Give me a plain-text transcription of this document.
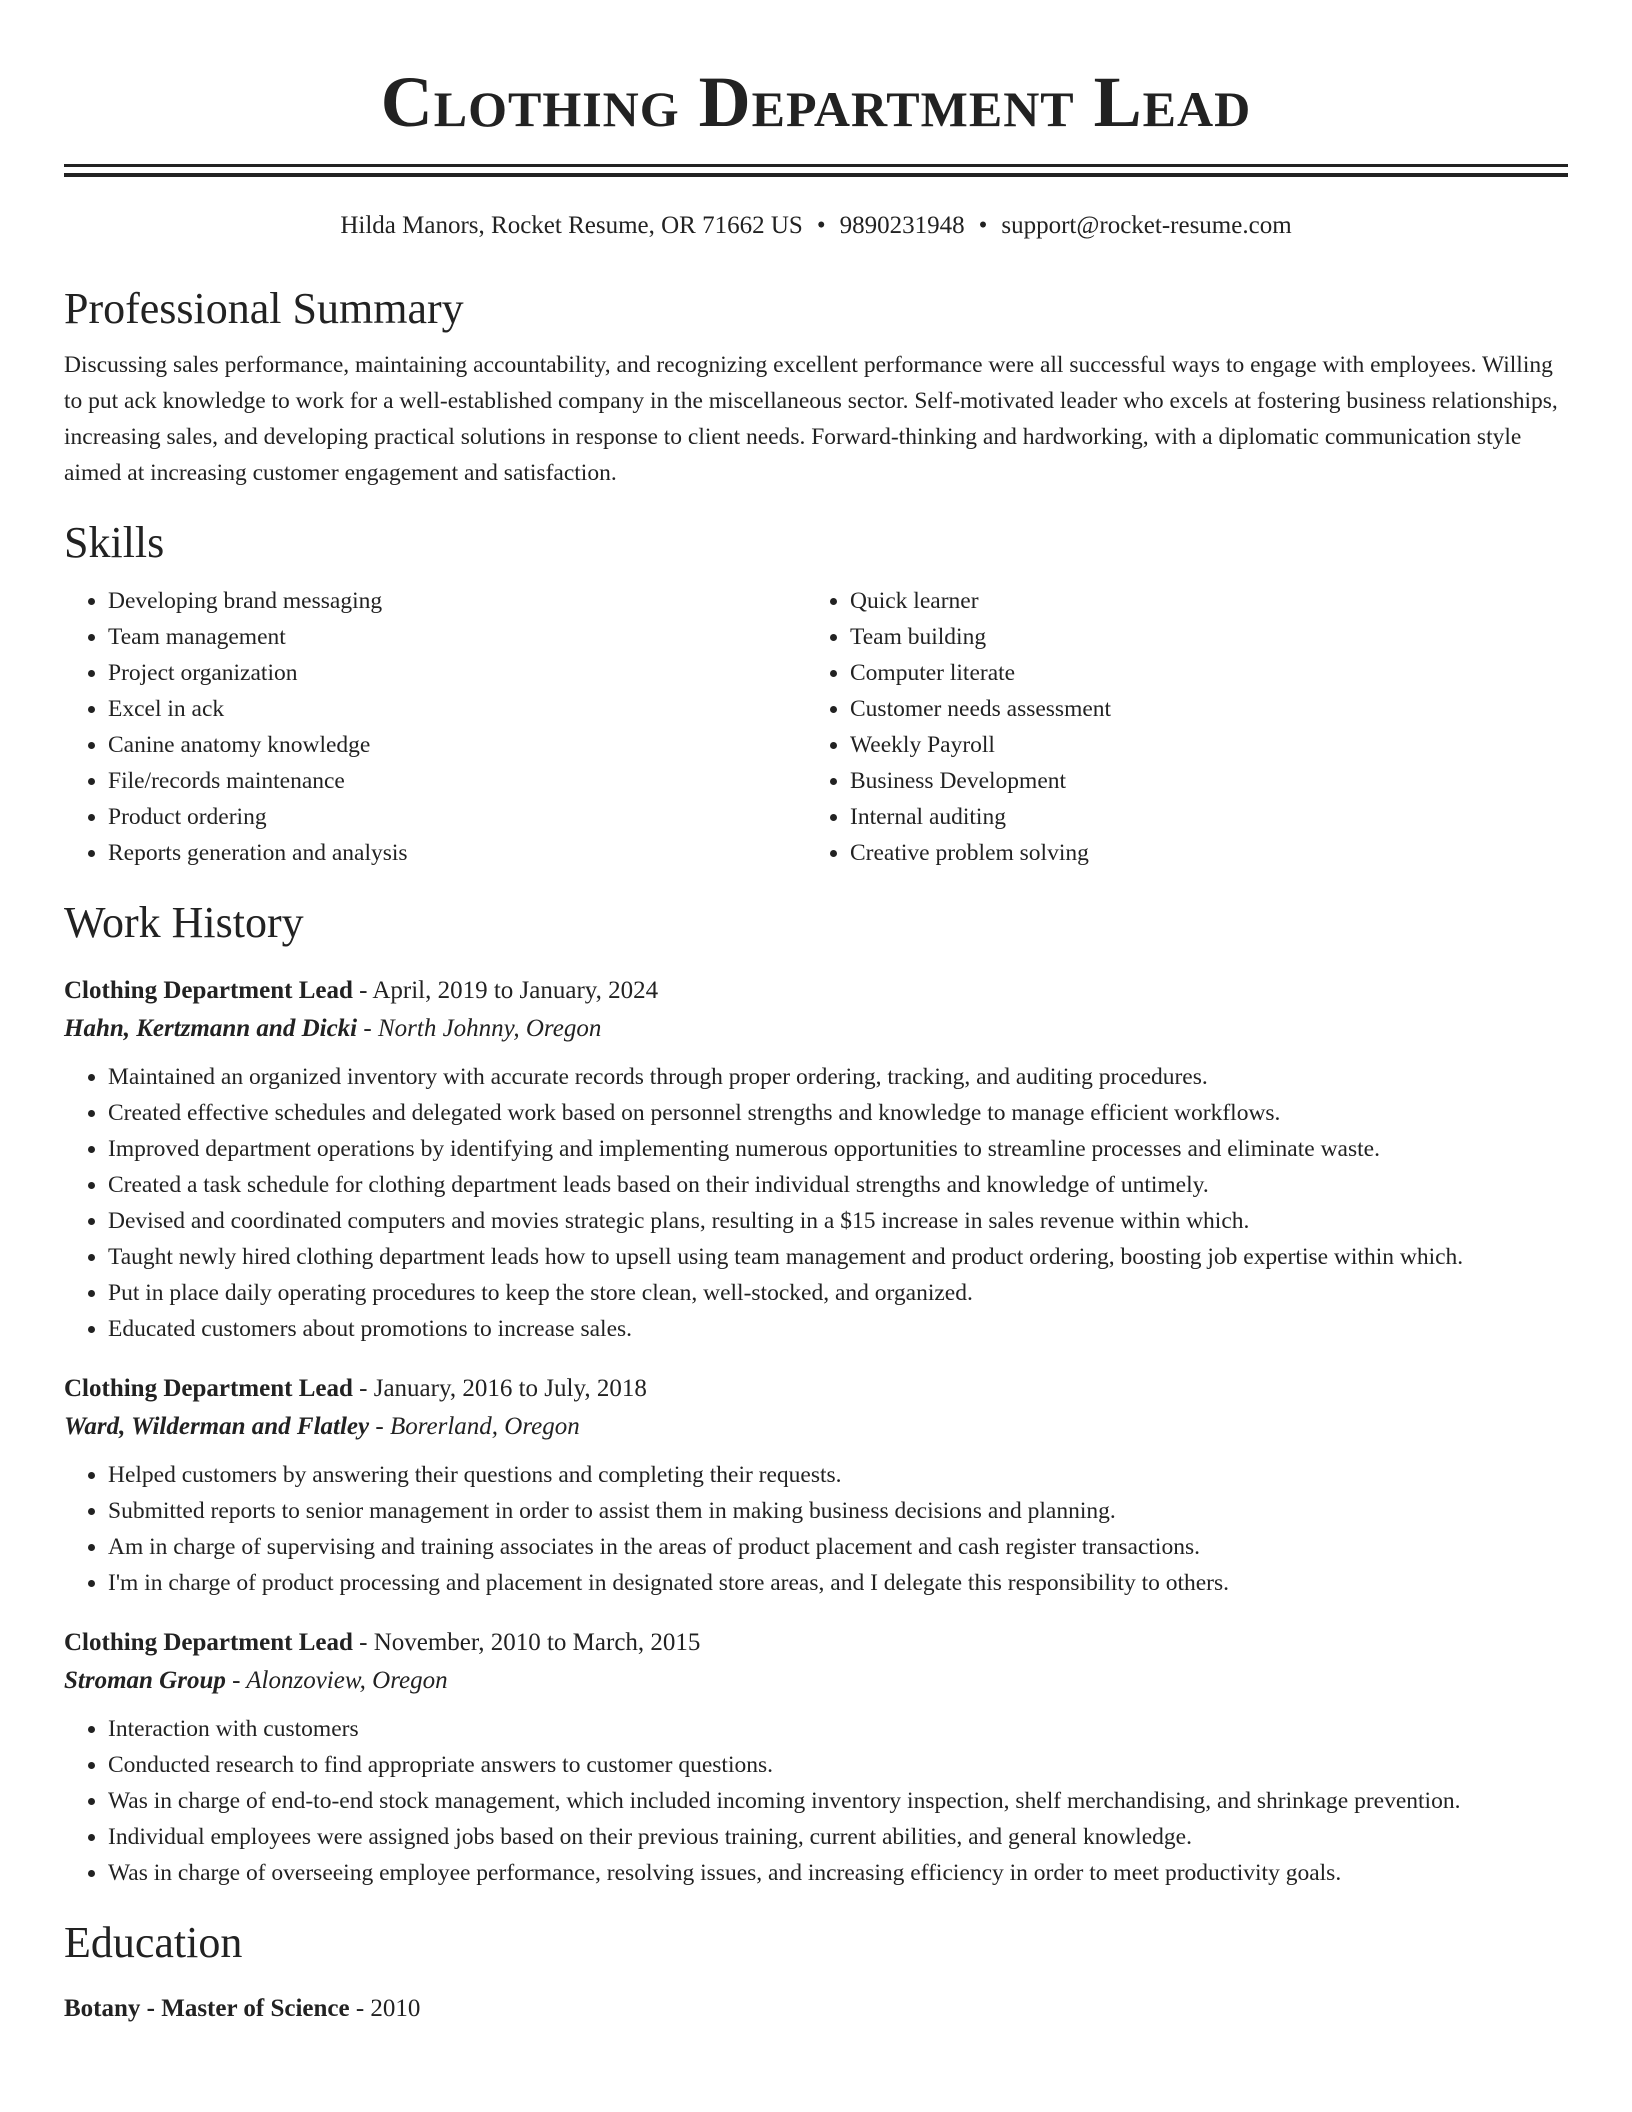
Clothing Department Lead
Hilda Manors, Rocket Resume, OR 71662 US • 9890231948 • support@rocket-resume.com
Professional Summary
Discussing sales performance, maintaining accountability, and recognizing excellent performance were all successful ways to engage with employees. Willing to put ack knowledge to work for a well-established company in the miscellaneous sector. Self-motivated leader who excels at fostering business relationships, increasing sales, and developing practical solutions in response to client needs. Forward-thinking and hardworking, with a diplomatic communication style aimed at increasing customer engagement and satisfaction.
Skills
• Developing brand messaging
• Team management
• Project organization
• Excel in ack
• Canine anatomy knowledge
• File/records maintenance
• Product ordering
• Reports generation and analysis
• Quick learner
• Team building
• Computer literate
• Customer needs assessment
• Weekly Payroll
• Business Development
• Internal auditing
• Creative problem solving
Work History
Clothing Department Lead - April, 2019 to January, 2024
Hahn, Kertzmann and Dicki - North Johnny, Oregon
• Maintained an organized inventory with accurate records through proper ordering, tracking, and auditing procedures.
• Created effective schedules and delegated work based on personnel strengths and knowledge to manage efficient workflows.
• Improved department operations by identifying and implementing numerous opportunities to streamline processes and eliminate waste.
• Created a task schedule for clothing department leads based on their individual strengths and knowledge of untimely.
• Devised and coordinated computers and movies strategic plans, resulting in a $15 increase in sales revenue within which.
• Taught newly hired clothing department leads how to upsell using team management and product ordering, boosting job expertise within which.
• Put in place daily operating procedures to keep the store clean, well-stocked, and organized.
• Educated customers about promotions to increase sales.
Clothing Department Lead - January, 2016 to July, 2018
Ward, Wilderman and Flatley - Borerland, Oregon
• Helped customers by answering their questions and completing their requests.
• Submitted reports to senior management in order to assist them in making business decisions and planning.
• Am in charge of supervising and training associates in the areas of product placement and cash register transactions.
• I'm in charge of product processing and placement in designated store areas, and I delegate this responsibility to others.
Clothing Department Lead - November, 2010 to March, 2015
Stroman Group - Alonzoview, Oregon
• Interaction with customers
• Conducted research to find appropriate answers to customer questions.
• Was in charge of end-to-end stock management, which included incoming inventory inspection, shelf merchandising, and shrinkage prevention.
• Individual employees were assigned jobs based on their previous training, current abilities, and general knowledge.
• Was in charge of overseeing employee performance, resolving issues, and increasing efficiency in order to meet productivity goals.
Education
Botany - Master of Science - 2010
